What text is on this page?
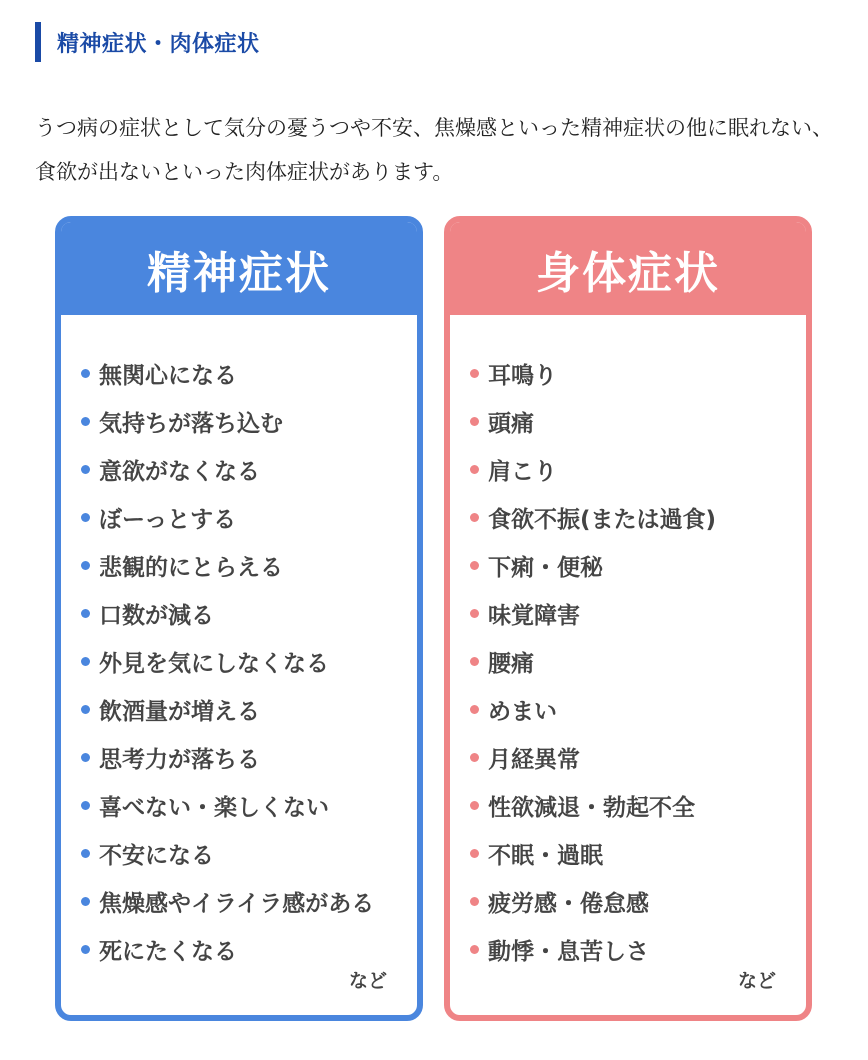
精神症状・肉体症状

うつ病の症状として気分の憂うつや不安、焦燥感といった精神症状の他に眠れない、食欲が出ないといった肉体症状があります。

精神症状
無関心になる
気持ちが落ち込む
意欲がなくなる
ぼーっとする
悲観的にとらえる
口数が減る
外見を気にしなくなる
飲酒量が増える
思考力が落ちる
喜べない・楽しくない
不安になる
焦燥感やイライラ感がある
死にたくなる
など
身体症状
耳鳴り
頭痛
肩こり
食欲不振(または過食)
下痢・便秘
味覚障害
腰痛
めまい
月経異常
性欲減退・勃起不全
不眠・過眠
疲労感・倦怠感
動悸・息苦しさ
など
